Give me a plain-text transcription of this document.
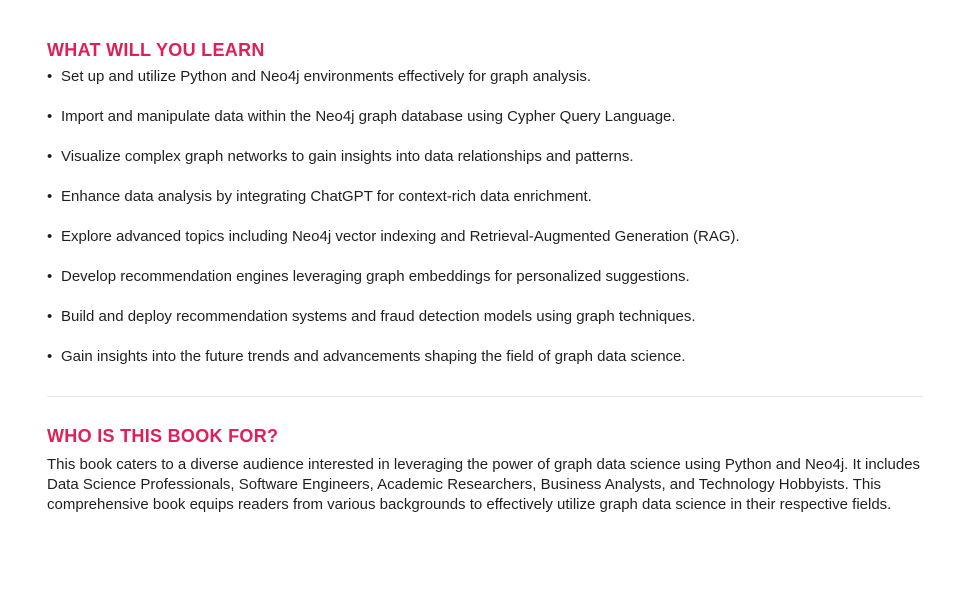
WHAT WILL YOU LEARN
• Set up and utilize Python and Neo4j environments effectively for graph analysis.
• Import and manipulate data within the Neo4j graph database using Cypher Query Language.
• Visualize complex graph networks to gain insights into data relationships and patterns.
• Enhance data analysis by integrating ChatGPT for context-rich data enrichment.
• Explore advanced topics including Neo4j vector indexing and Retrieval-Augmented Generation (RAG).
• Develop recommendation engines leveraging graph embeddings for personalized suggestions.
• Build and deploy recommendation systems and fraud detection models using graph techniques.
• Gain insights into the future trends and advancements shaping the field of graph data science.
WHO IS THIS BOOK FOR?

This book caters to a diverse audience interested in leveraging the power of graph data science using Python and Neo4j. It includes Data Science Professionals, Software Engineers, Academic Researchers, Business Analysts, and Technology Hobbyists. This comprehensive book equips readers from various backgrounds to effectively utilize graph data science in their respective fields.
